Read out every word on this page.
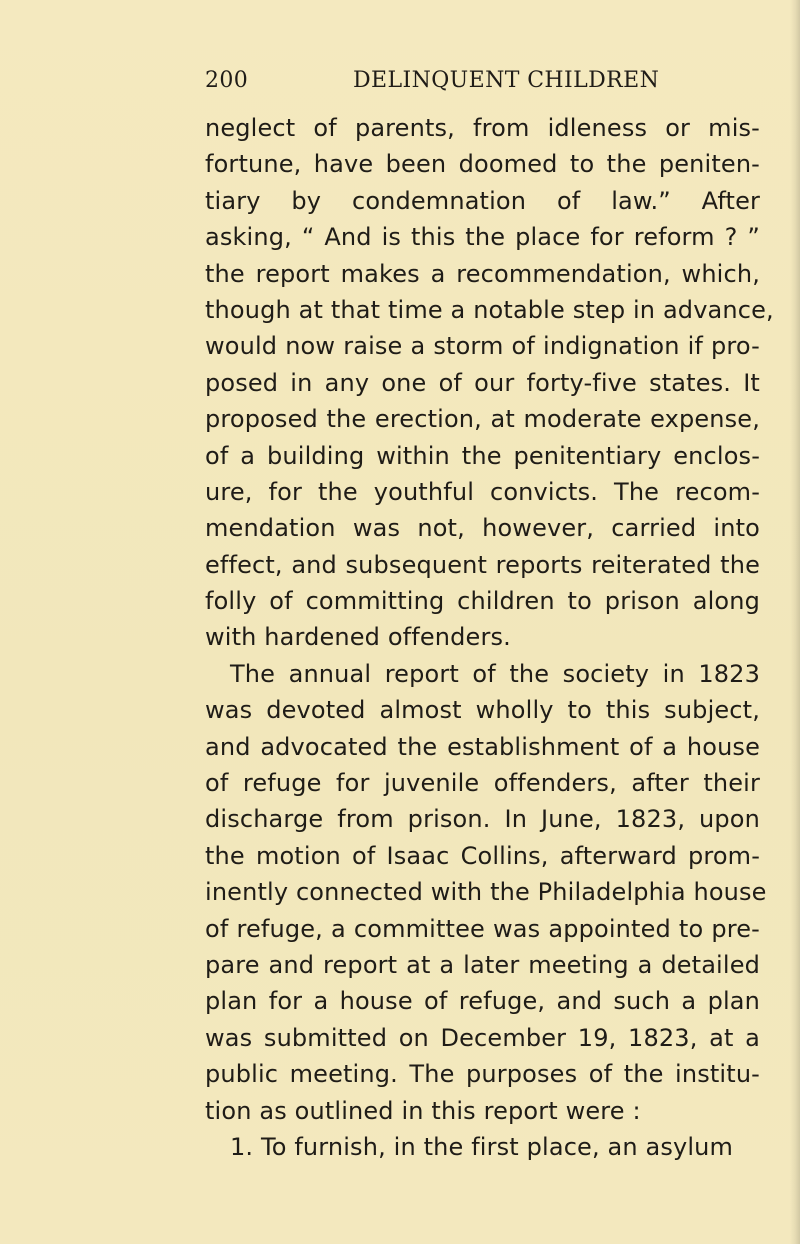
200	DELINQUENT CHILDREN
neglect of parents, from idleness or mis-
fortune, have been doomed to the peniten-
tiary by condemnation of law.” After
asking, “ And is this the place for reform ? ”
the report makes a recommendation, which,
though at that time a notable step in advance,
would now raise a storm of indignation if pro-
posed in any one of our forty-five states. It
proposed the erection, at moderate expense,
of a building within the penitentiary enclos-
ure, for the youthful convicts. The recom-
mendation was not, however, carried into
effect, and subsequent reports reiterated the
folly of committing children to prison along
with hardened offenders.
The annual report of the society in 1823
was devoted almost wholly to this subject,
and advocated the establishment of a house
of refuge for juvenile offenders, after their
discharge from prison. In June, 1823, upon
the motion of Isaac Collins, afterward prom-
inently connected with the Philadelphia house
of refuge, a committee was appointed to pre-
pare and report at a later meeting a detailed
plan for a house of refuge, and such a plan
was submitted on December 19, 1823, at a
public meeting. The purposes of the institu-
tion as outlined in this report were :
1. To furnish, in the first place, an asylum
